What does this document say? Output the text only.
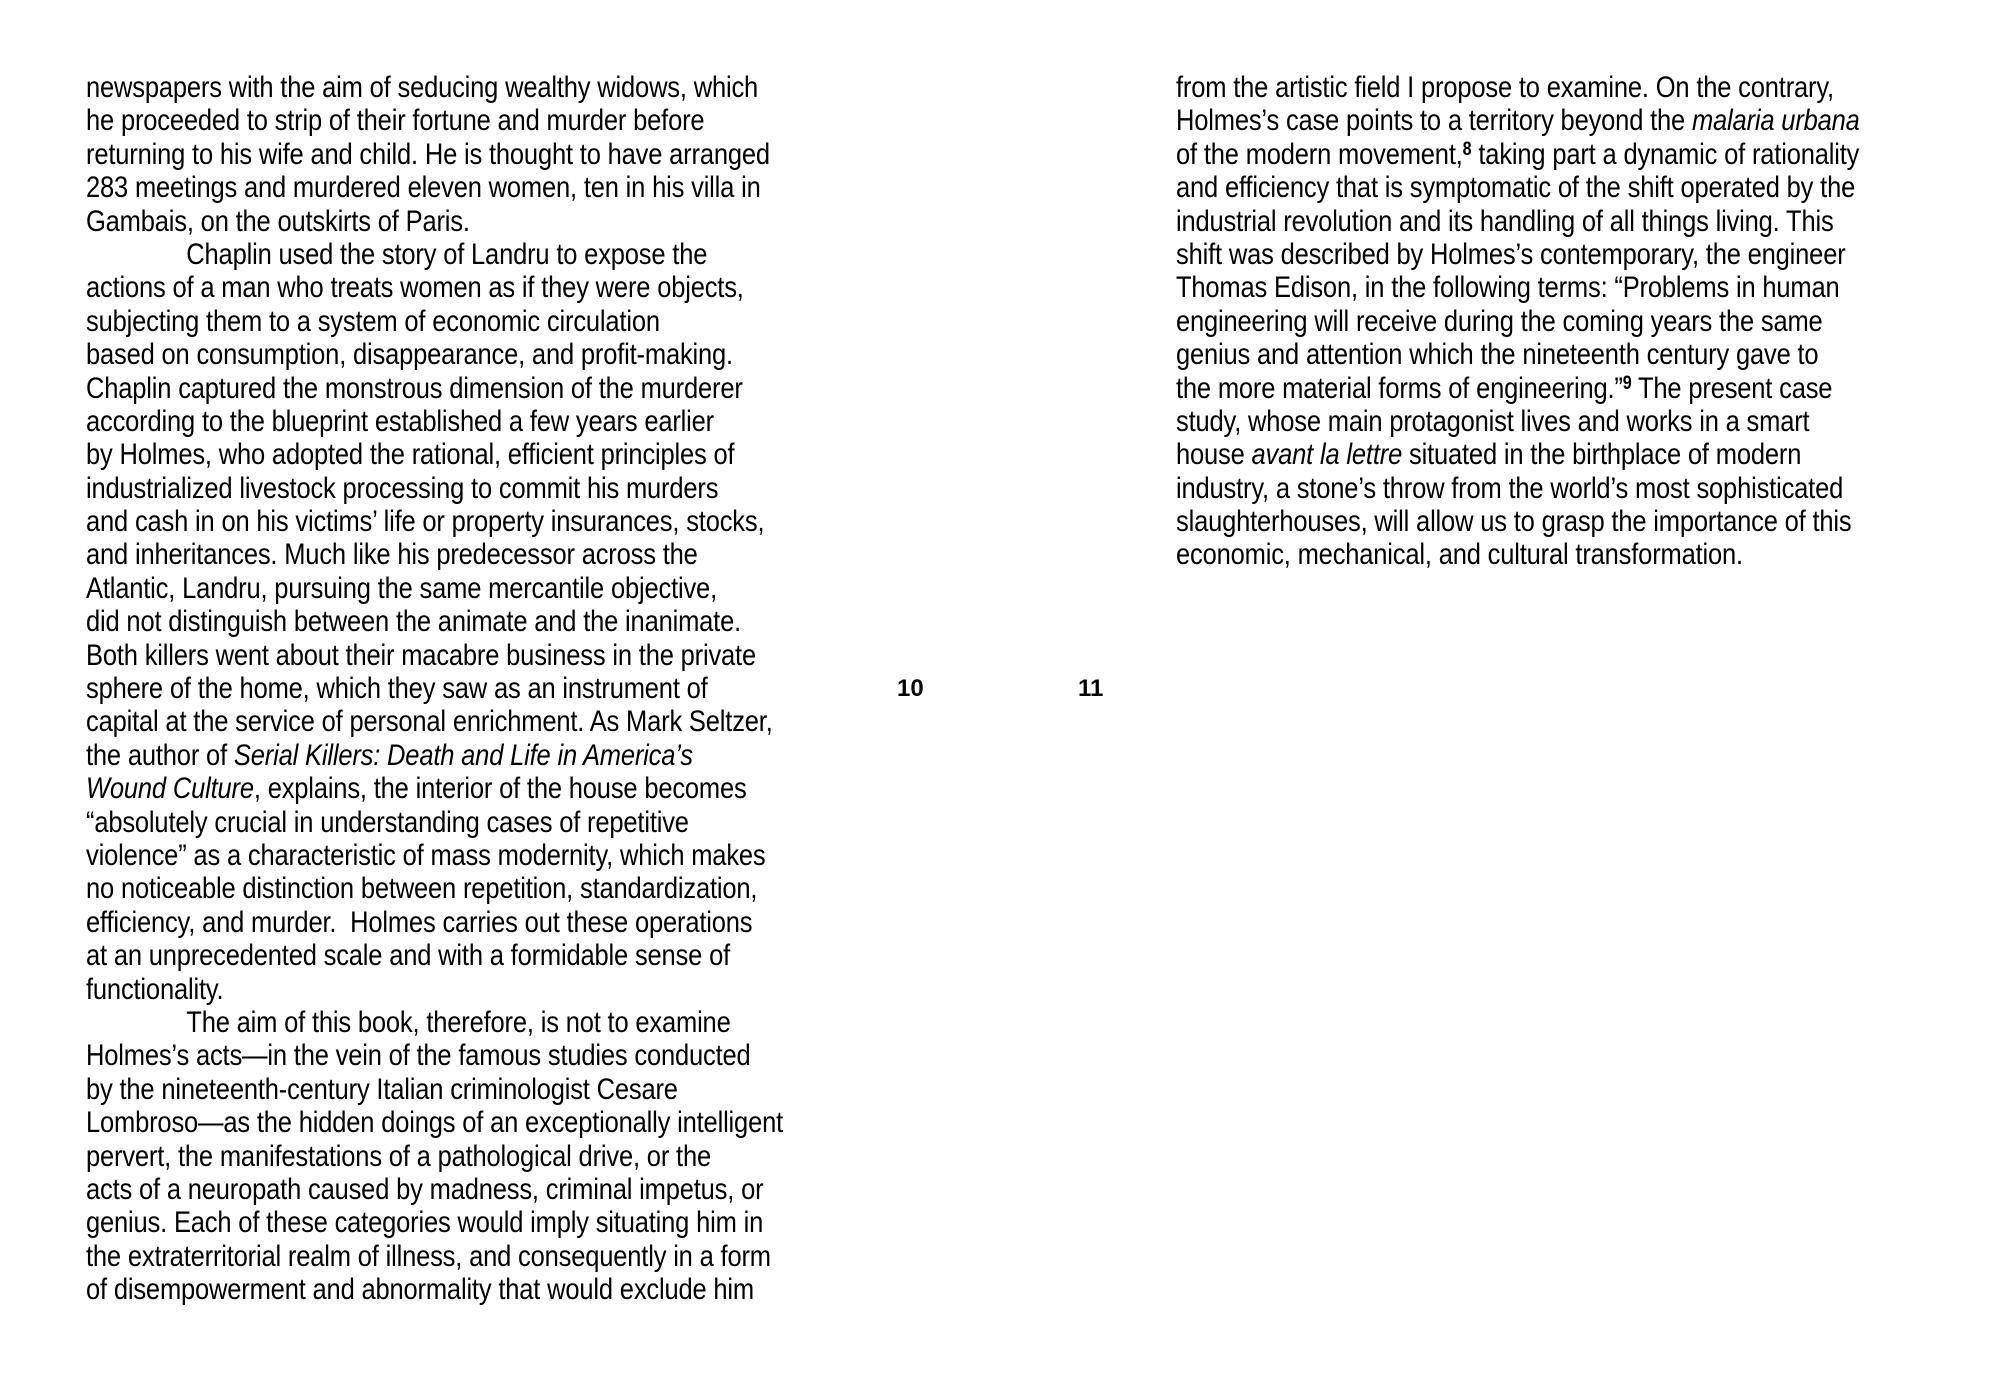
newspapers with the aim of seducing wealthy widows, which
he proceeded to strip of their fortune and murder before
returning to his wife and child. He is thought to have arranged
283 meetings and murdered eleven women, ten in his villa in
Gambais, on the outskirts of Paris.
Chaplin used the story of Landru to expose the
actions of a man who treats women as if they were objects,
subjecting them to a system of economic circulation
based on consumption, disappearance, and profit-making.
Chaplin captured the monstrous dimension of the murderer
according to the blueprint established a few years earlier
by Holmes, who adopted the rational, efficient principles of
industrialized livestock processing to commit his murders
and cash in on his victims’ life or property insurances, stocks,
and inheritances. Much like his predecessor across the
Atlantic, Landru, pursuing the same mercantile objective,
did not distinguish between the animate and the inanimate.
Both killers went about their macabre business in the private
sphere of the home, which they saw as an instrument of
capital at the service of personal enrichment. As Mark Seltzer,
the author of Serial Killers: Death and Life in America’s
Wound Culture, explains, the interior of the house becomes
“absolutely crucial in understanding cases of repetitive
violence” as a characteristic of mass modernity, which makes
no noticeable distinction between repetition, standardization,
efficiency, and murder.  Holmes carries out these operations
at an unprecedented scale and with a formidable sense of
functionality.
The aim of this book, therefore, is not to examine
Holmes’s acts—in the vein of the famous studies conducted
by the nineteenth-century Italian criminologist Cesare
Lombroso—as the hidden doings of an exceptionally intelligent
pervert, the manifestations of a pathological drive, or the
acts of a neuropath caused by madness, criminal impetus, or
genius. Each of these categories would imply situating him in
the extraterritorial realm of illness, and consequently in a form
of disempowerment and abnormality that would exclude him
from the artistic field I propose to examine. On the contrary,
Holmes’s case points to a territory beyond the malaria urbana
of the modern movement,$^8$ taking part a dynamic of rationality
and efficiency that is symptomatic of the shift operated by the
industrial revolution and its handling of all things living. This
shift was described by Holmes’s contemporary, the engineer
Thomas Edison, in the following terms: “Problems in human
engineering will receive during the coming years the same
genius and attention which the nineteenth century gave to
the more material forms of engineering.”$^9$ The present case
study, whose main protagonist lives and works in a smart
house avant la lettre situated in the birthplace of modern
industry, a stone’s throw from the world’s most sophisticated
slaughterhouses, will allow us to grasp the importance of this
economic, mechanical, and cultural transformation.
10	11
